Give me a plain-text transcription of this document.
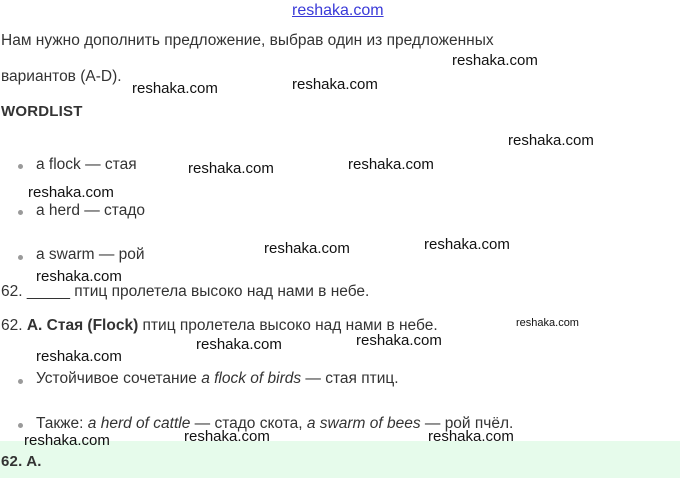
reshaka.com
Нам нужно дополнить предложение, выбрав один из предложенных
вариантов (A-D).
WORDLIST
a flock — стая
a herd — стадо
a swarm — рой
62. _____ птиц пролетела высоко над нами в небе.
62. A. Стая (Flock) птиц пролетела высоко над нами в небе.
Устойчивое сочетание a flock of birds — стая птиц.
Также: a herd of cattle — стадо скота, a swarm of bees — рой пчёл.
62. A.
reshaka.com
reshaka.com	reshaka.com
reshaka.com
reshaka.com	reshaka.com
reshaka.com
reshaka.com	reshaka.com
reshaka.com
reshaka.com
reshaka.com	reshaka.com
reshaka.com
reshaka.com	reshaka.com	reshaka.com
